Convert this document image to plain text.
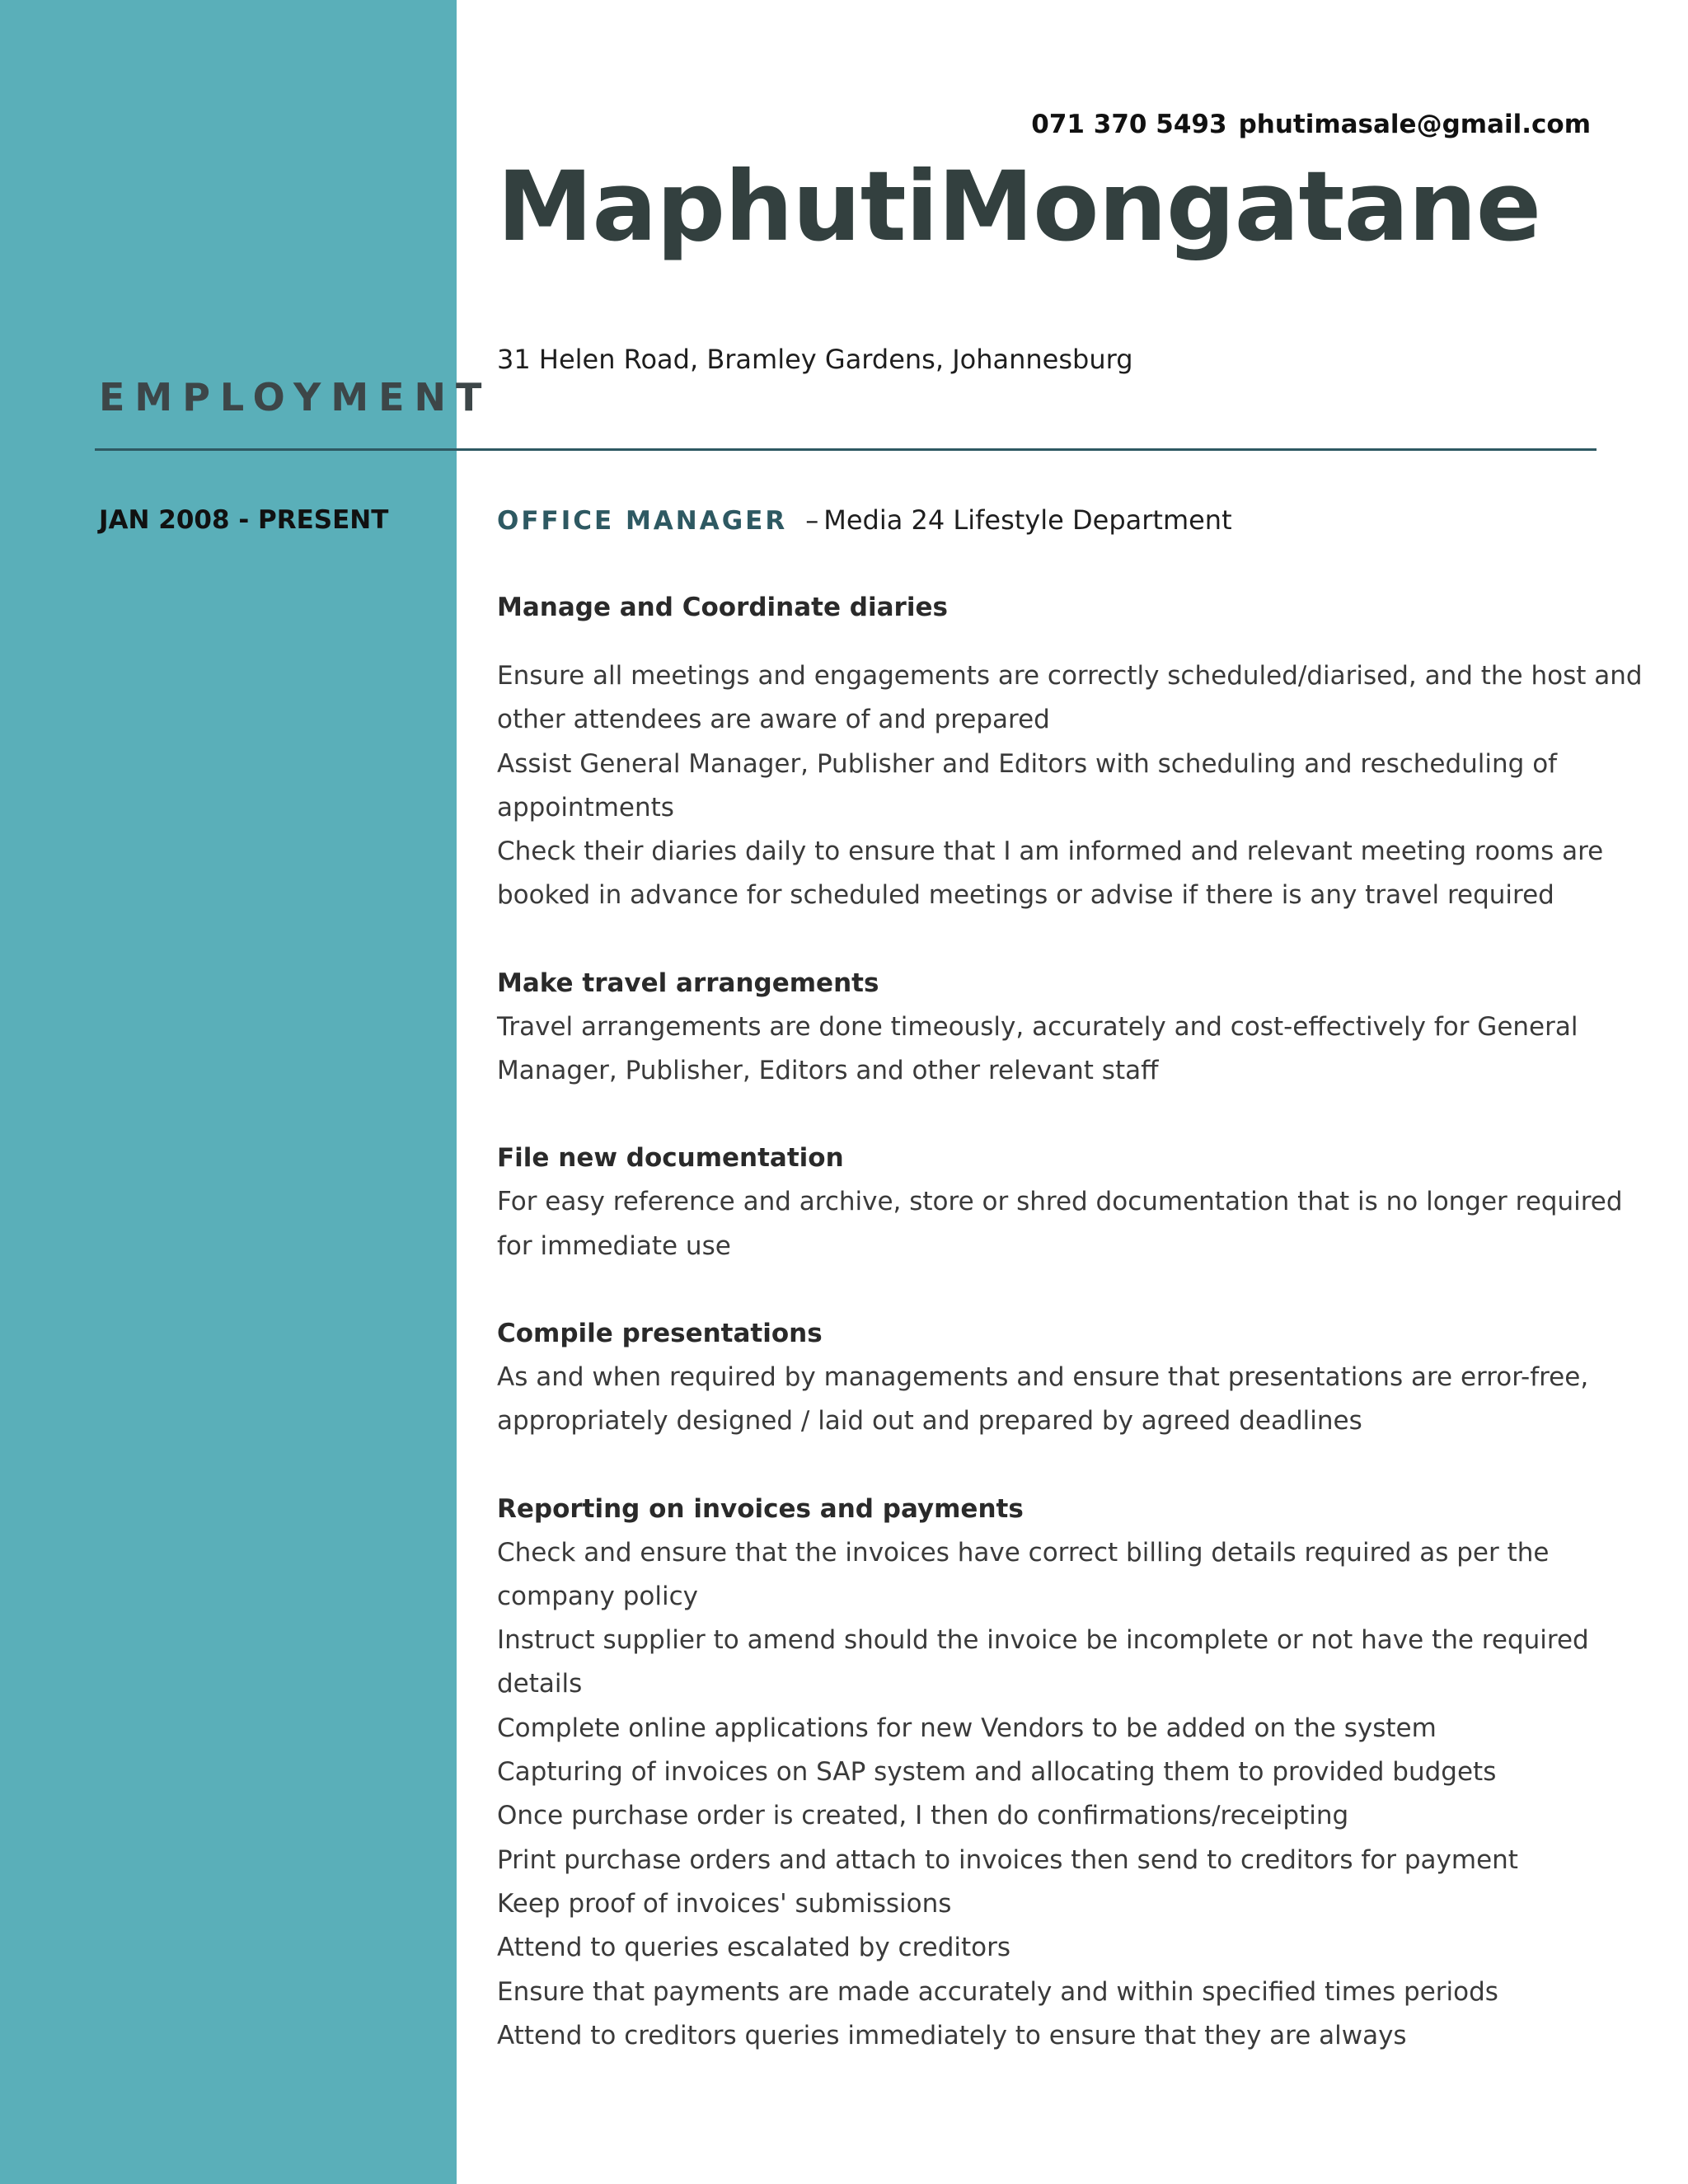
071 370 5493 phutimasale@gmail.com
MaphutiMongatane
31 Helen Road, Bramley Gardens, Johannesburg
EMPLOYMENT
JAN 2008 - PRESENT	OFFICE MANAGER – Media 24 Lifestyle Department

Manage and Coordinate diaries

Ensure all meetings and engagements are correctly scheduled/diarised, and the host and

other attendees are aware of and prepared

Assist General Manager, Publisher and Editors with scheduling and rescheduling of

appointments

Check their diaries daily to ensure that I am informed and relevant meeting rooms are

booked in advance for scheduled meetings or advise if there is any travel required

Make travel arrangements

Travel arrangements are done timeously, accurately and cost-effectively for General

Manager, Publisher, Editors and other relevant staff

File new documentation

For easy reference and archive, store or shred documentation that is no longer required

for immediate use

Compile presentations

As and when required by managements and ensure that presentations are error-free,

appropriately designed / laid out and prepared by agreed deadlines

Reporting on invoices and payments

Check and ensure that the invoices have correct billing details required as per the

company policy

Instruct supplier to amend should the invoice be incomplete or not have the required

details

Complete online applications for new Vendors to be added on the system

Capturing of invoices on SAP system and allocating them to provided budgets

Once purchase order is created, I then do confirmations/receipting

Print purchase orders and attach to invoices then send to creditors for payment

Keep proof of invoices' submissions

Attend to queries escalated by creditors

Ensure that payments are made accurately and within specified times periods

Attend to creditors queries immediately to ensure that they are always
